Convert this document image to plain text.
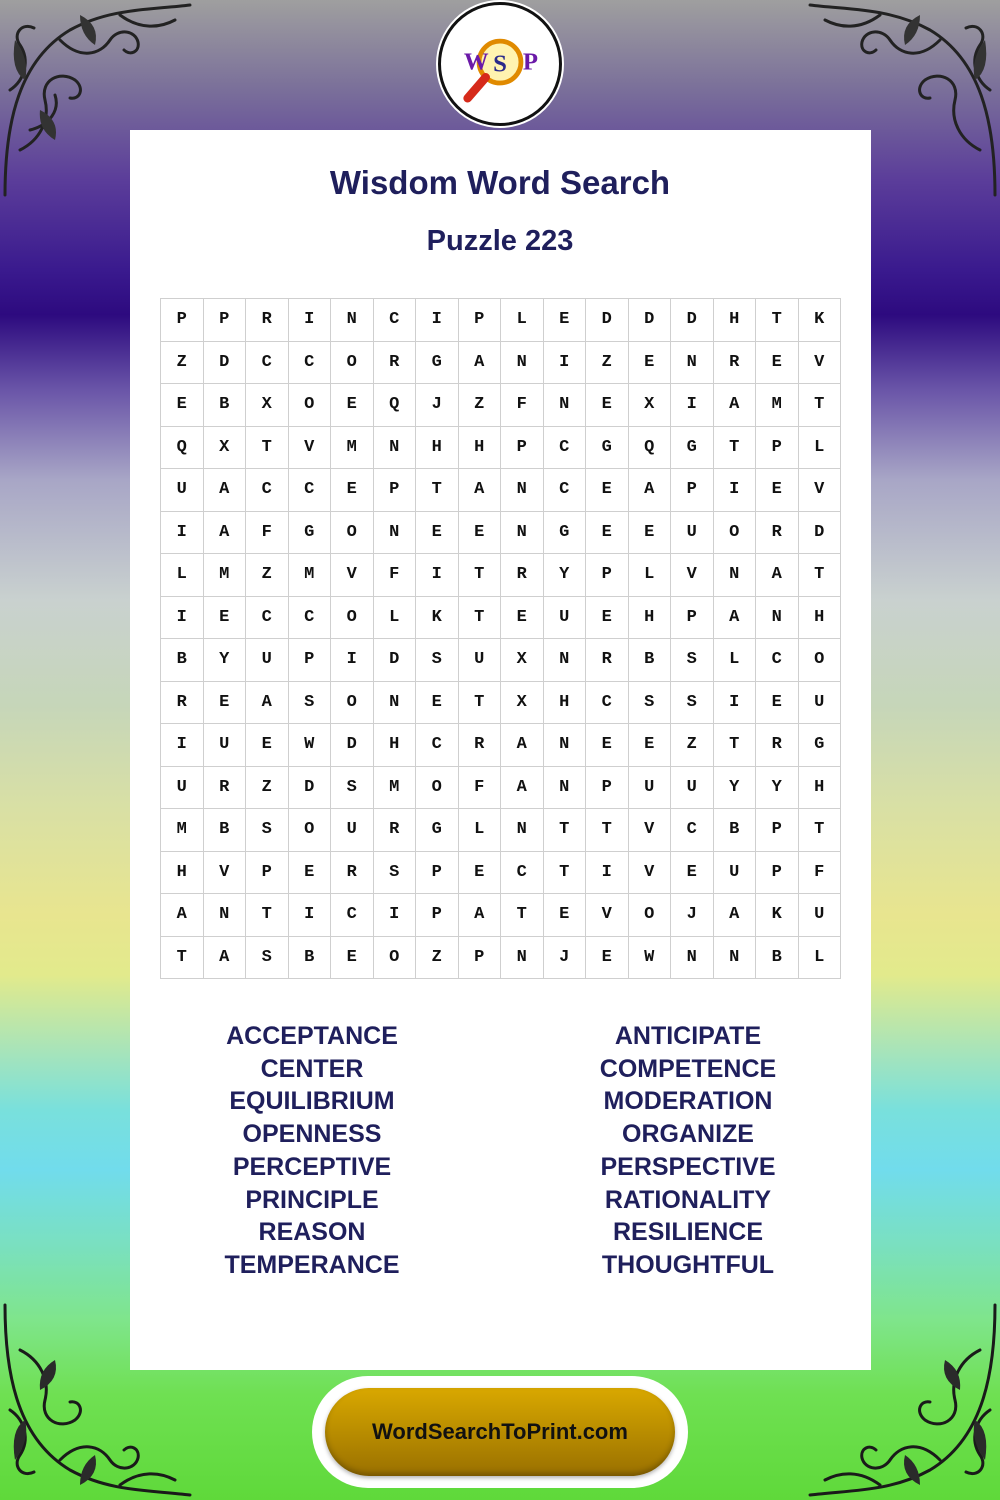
W S P
Wisdom Word Search
Puzzle 223
P	P	R	I	N	C	I	P	L	E	D	D	D	H	T	K
Z	D	C	C	O	R	G	A	N	I	Z	E	N	R	E	V
E	B	X	O	E	Q	J	Z	F	N	E	X	I	A	M	T
Q	X	T	V	M	N	H	H	P	C	G	Q	G	T	P	L
U	A	C	C	E	P	T	A	N	C	E	A	P	I	E	V
I	A	F	G	O	N	E	E	N	G	E	E	U	O	R	D
L	M	Z	M	V	F	I	T	R	Y	P	L	V	N	A	T
I	E	C	C	O	L	K	T	E	U	E	H	P	A	N	H
B	Y	U	P	I	D	S	U	X	N	R	B	S	L	C	O
R	E	A	S	O	N	E	T	X	H	C	S	S	I	E	U
I	U	E	W	D	H	C	R	A	N	E	E	Z	T	R	G
U	R	Z	D	S	M	O	F	A	N	P	U	U	Y	Y	H
M	B	S	O	U	R	G	L	N	T	T	V	C	B	P	T
H	V	P	E	R	S	P	E	C	T	I	V	E	U	P	F
A	N	T	I	C	I	P	A	T	E	V	O	J	A	K	U
T	A	S	B	E	O	Z	P	N	J	E	W	N	N	B	L
ACCEPTANCE
CENTER
EQUILIBRIUM
OPENNESS
PERCEPTIVE
PRINCIPLE
REASON
TEMPERANCE
ANTICIPATE
COMPETENCE
MODERATION
ORGANIZE
PERSPECTIVE
RATIONALITY
RESILIENCE
THOUGHTFUL
WordSearchToPrint.com
